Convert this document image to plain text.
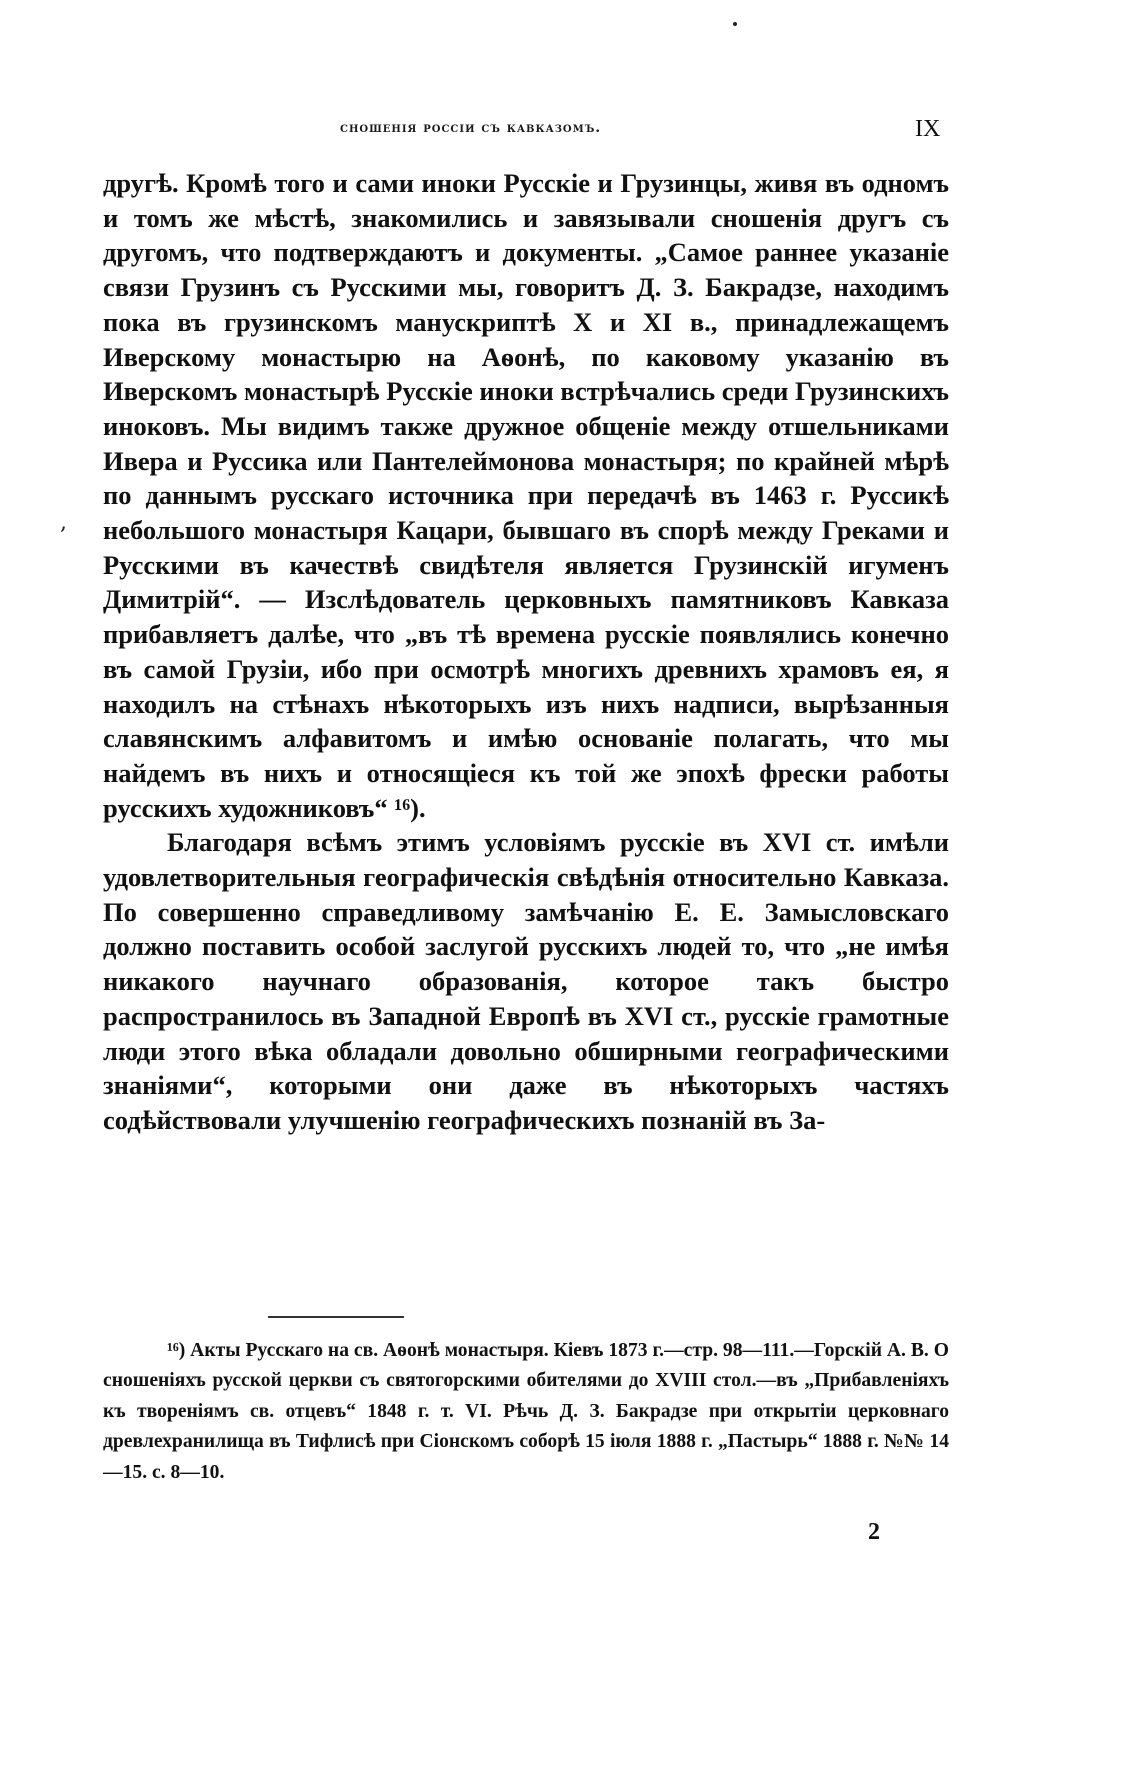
сношенія россіи съ кавказомъ.	IX
,

другѣ. Кромѣ того и сами иноки Русскіе и Грузинцы, живя въ одномъ и томъ же мѣстѣ, знакомились и завязывали сношенія другъ съ другомъ, что подтверждаютъ и документы. „Самое раннее указаніе связи Грузинъ съ Русскими мы, говоритъ Д. З. Бакрадзе, находимъ пока въ грузинскомъ манускриптѣ X и XI в., принадлежащемъ Иверскому монастырю на Аѳонѣ, по каковому указанію въ Иверскомъ монастырѣ Русскіе иноки встрѣчались среди Грузинскихъ иноковъ. Мы видимъ также дружное общеніе между отшельниками Ивера и Руссика или Пантелеймонова монастыря; по крайней мѣрѣ по даннымъ русскаго источника при передачѣ въ 1463 г. Руссикѣ небольшого монастыря Кацари, бывшаго въ спорѣ между Греками и Русскими въ качествѣ свидѣтеля является Грузинскій игуменъ Димитрій“. — Изслѣдователь церковныхъ памятниковъ Кавказа прибавляетъ далѣе, что „въ тѣ времена русскіе появлялись конечно въ самой Грузіи, ибо при осмотрѣ многихъ древнихъ храмовъ ея, я находилъ на стѣнахъ нѣкоторыхъ изъ нихъ надписи, вырѣзанныя славянскимъ алфавитомъ и имѣю основаніе полагать, что мы найдемъ въ нихъ и относящіеся къ той же эпохѣ фрески работы русскихъ художниковъ“ ¹⁶).

Благодаря всѣмъ этимъ условіямъ русскіе въ XVI ст. имѣли удовлетворительныя географическія свѣдѣнія относительно Кавказа. По совершенно справедливому замѣчанію Е. Е. Замысловскаго должно поставить особой заслугой русскихъ людей то, что „не имѣя никакого научнаго образованія, которое такъ быстро распространилось въ Западной Европѣ въ XVI ст., русскіе грамотные люди этого вѣка обладали довольно обширными географическими знаніями“, которыми они даже въ нѣкоторыхъ частяхъ содѣйствовали улучшенію географическихъ познаній въ За-

¹⁶) Акты Русскаго на св. Аѳонѣ монастыря. Кіевъ 1873 г.—стр. 98—111.—Горскій А. В. О сношеніяхъ русской церкви съ святогорскими обителями до XVIII стол.—въ „Прибавленіяхъ къ твореніямъ св. отцевъ“ 1848 г. т. VI. Рѣчь Д. З. Бакрадзе при открытіи церковнаго древлехранилища въ Тифлисѣ при Сіонскомъ соборѣ 15 іюля 1888 г. „Пастырь“ 1888 г. №№ 14—15. с. 8—10.

2
